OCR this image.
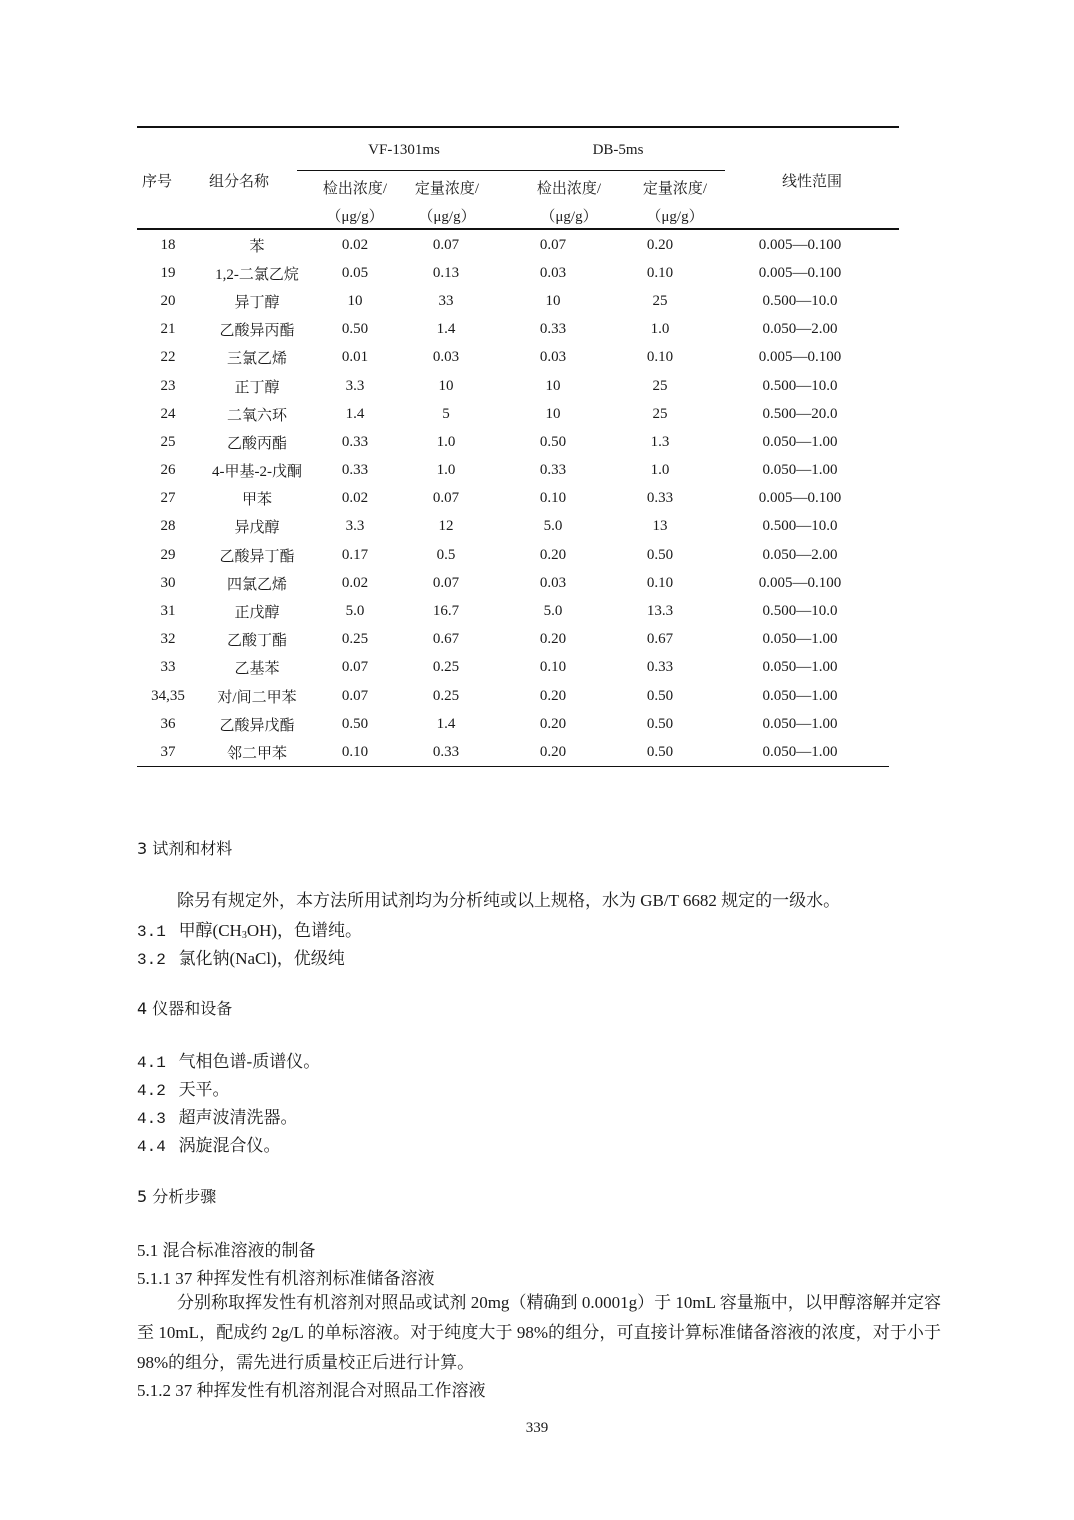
序号	组分名称
VF-1301ms	DB-5ms
线性范围
检出浓度/	定量浓度/	检出浓度/	定量浓度/
（μg/g）	（μg/g）	（μg/g）	（μg/g）
18	苯	0.02	0.07	0.07	0.20	0.005—0.100
19	1,2-二氯乙烷	0.05	0.13	0.03	0.10	0.005—0.100
20	异丁醇	10	33	10	25	0.500—10.0
21	乙酸异丙酯	0.50	1.4	0.33	1.0	0.050—2.00
22	三氯乙烯	0.01	0.03	0.03	0.10	0.005—0.100
23	正丁醇	3.3	10	10	25	0.500—10.0
24	二氧六环	1.4	5	10	25	0.500—20.0
25	乙酸丙酯	0.33	1.0	0.50	1.3	0.050—1.00
26	4-甲基-2-戊酮	0.33	1.0	0.33	1.0	0.050—1.00
27	甲苯	0.02	0.07	0.10	0.33	0.005—0.100
28	异戊醇	3.3	12	5.0	13	0.500—10.0
29	乙酸异丁酯	0.17	0.5	0.20	0.50	0.050—2.00
30	四氯乙烯	0.02	0.07	0.03	0.10	0.005—0.100
31	正戊醇	5.0	16.7	5.0	13.3	0.500—10.0
32	乙酸丁酯	0.25	0.67	0.20	0.67	0.050—1.00
33	乙基苯	0.07	0.25	0.10	0.33	0.050—1.00
34,35	对/间二甲苯	0.07	0.25	0.20	0.50	0.050—1.00
36	乙酸异戊酯	0.50	1.4	0.20	0.50	0.050—1.00
37	邻二甲苯	0.10	0.33	0.20	0.50	0.050—1.00
3 试剂和材料
除另有规定外，本方法所用试剂均为分析纯或以上规格，水为 GB/T 6682 规定的一级水。
3.1 甲醇$(CH_3OH)$，色谱纯。
3.2 氯化钠(NaCl)，优级纯
4 仪器和设备
4.1 气相色谱-质谱仪。
4.2 天平。
4.3 超声波清洗器。
4.4 涡旋混合仪。
5 分析步骤
5.1 混合标准溶液的制备
5.1.1 37 种挥发性有机溶剂标准储备溶液
分别称取挥发性有机溶剂对照品或试剂 20mg（精确到 0.0001g）于 10mL 容量瓶中，以甲醇溶解并定容至 10mL，配成约 2g/L 的单标溶液。对于纯度大于 98%的组分，可直接计算标准储备溶液的浓度，对于小于 98%的组分，需先进行质量校正后进行计算。
5.1.2 37 种挥发性有机溶剂混合对照品工作溶液
339
